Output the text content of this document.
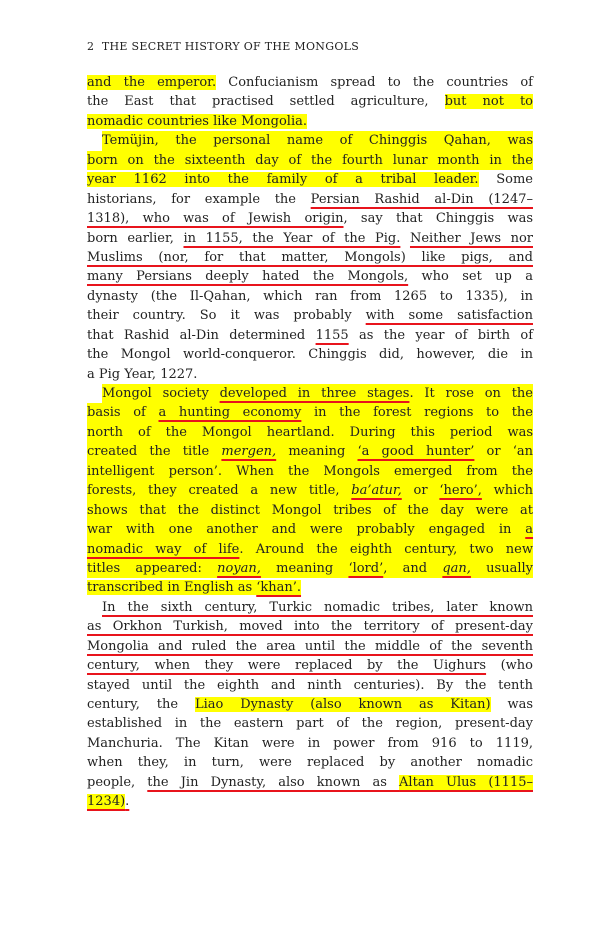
2 THE SECRET HISTORY OF THE MONGOLS
and the emperor. Confucianism spread to the countries of
the East that practised settled agriculture, but not to
nomadic countries like Mongolia.
Temüjin, the personal name of Chinggis Qahan, was
born on the sixteenth day of the fourth lunar month in the
year 1162 into the family of a tribal leader. Some
historians, for example the Persian Rashid al-Din (1247–
1318), who was of Jewish origin, say that Chinggis was
born earlier, in 1155, the Year of the Pig. Neither Jews nor
Muslims (nor, for that matter, Mongols) like pigs, and
many Persians deeply hated the Mongols, who set up a
dynasty (the Il-Qahan, which ran from 1265 to 1335), in
their country. So it was probably with some satisfaction
that Rashid al-Din determined 1155 as the year of birth of
the Mongol world-conqueror. Chinggis did, however, die in
a Pig Year, 1227.
Mongol society developed in three stages. It rose on the
basis of a hunting economy in the forest regions to the
north of the Mongol heartland. During this period was
created the title mergen, meaning ‘a good hunter’ or ‘an
intelligent person’. When the Mongols emerged from the
forests, they created a new title, ba’atur, or ‘hero’, which
shows that the distinct Mongol tribes of the day were at
war with one another and were probably engaged in a
nomadic way of life. Around the eighth century, two new
titles appeared: noyan, meaning ‘lord’, and qan, usually
transcribed in English as ‘khan’.
In the sixth century, Turkic nomadic tribes, later known
as Orkhon Turkish, moved into the territory of present-day
Mongolia and ruled the area until the middle of the seventh
century, when they were replaced by the Uighurs (who
stayed until the eighth and ninth centuries). By the tenth
century, the Liao Dynasty (also known as Kitan) was
established in the eastern part of the region, present-day
Manchuria. The Kitan were in power from 916 to 1119,
when they, in turn, were replaced by another nomadic
people, the Jin Dynasty, also known as Altan Ulus (1115–
1234).
